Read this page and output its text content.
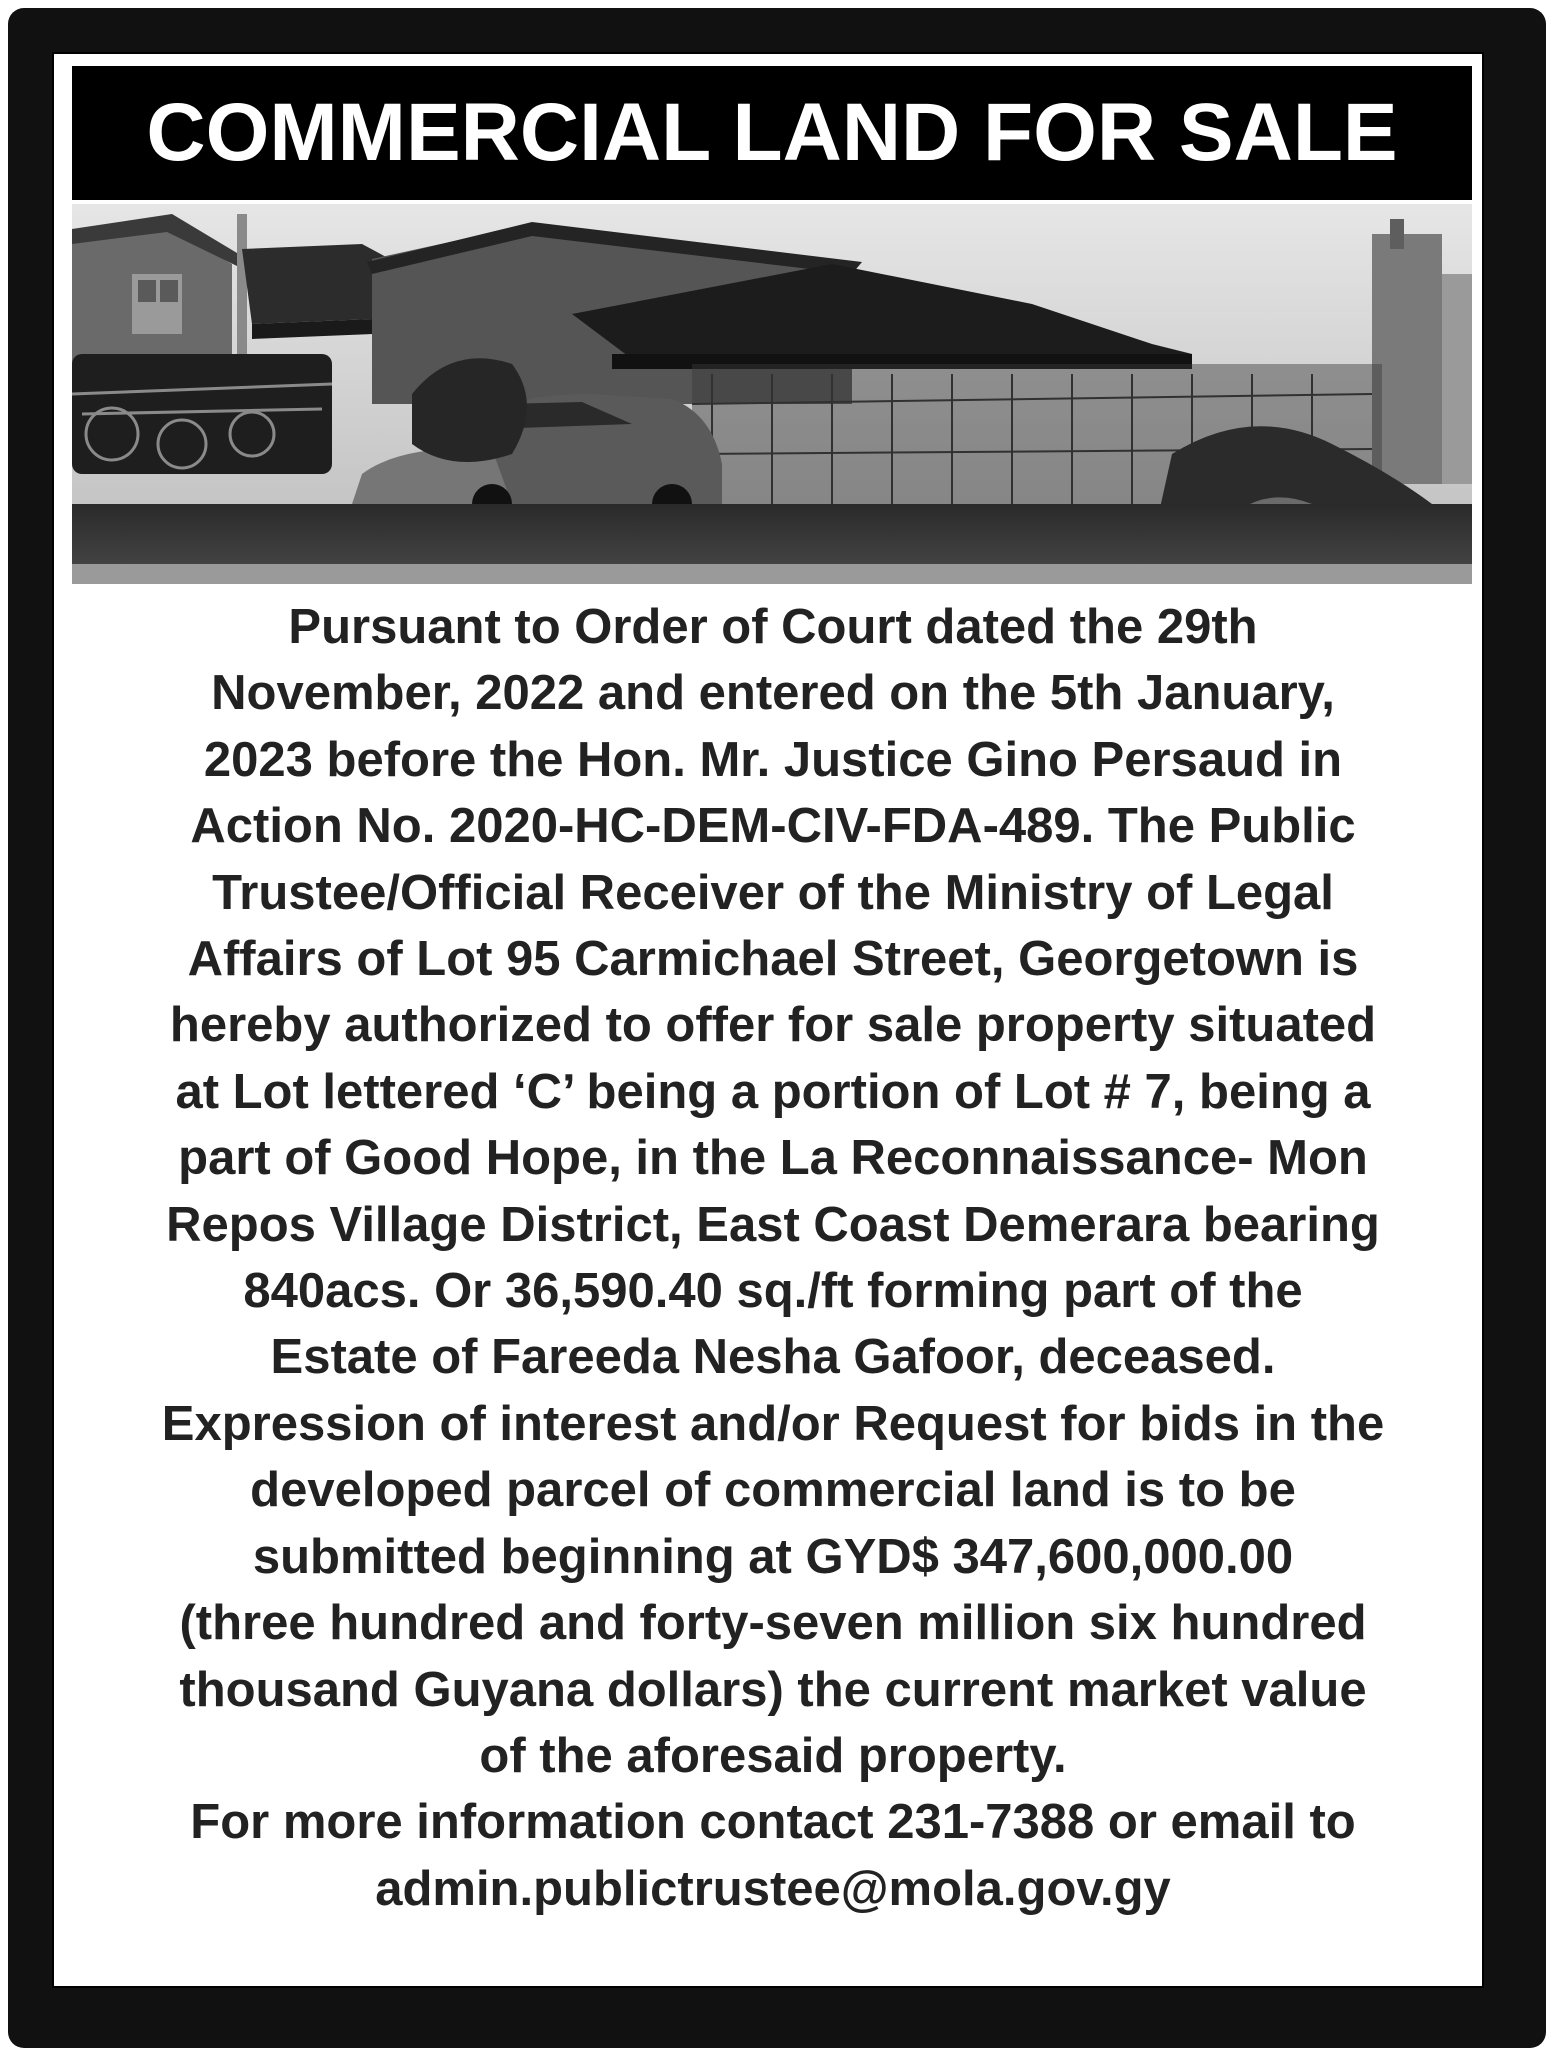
COMMERCIAL LAND FOR SALE
Pursuant to Order of Court dated the 29th
November, 2022 and entered on the 5th January,
2023 before the Hon. Mr. Justice Gino Persaud in
Action No. 2020-HC-DEM-CIV-FDA-489. The Public
Trustee/Official Receiver of the Ministry of Legal
Affairs of Lot 95 Carmichael Street, Georgetown is
hereby authorized to offer for sale property situated
at Lot lettered ‘C’ being a portion of Lot # 7, being a
part of Good Hope, in the La Reconnaissance- Mon
Repos Village District, East Coast Demerara bearing
840acs. Or 36,590.40 sq./ft forming part of the
Estate of Fareeda Nesha Gafoor, deceased.
Expression of interest and/or Request for bids in the
developed parcel of commercial land is to be
submitted beginning at GYD$ 347,600,000.00
(three hundred and forty-seven million six hundred
thousand Guyana dollars) the current market value
of the aforesaid property.
For more information contact 231-7388 or email to
admin.publictrustee@mola.gov.gy
